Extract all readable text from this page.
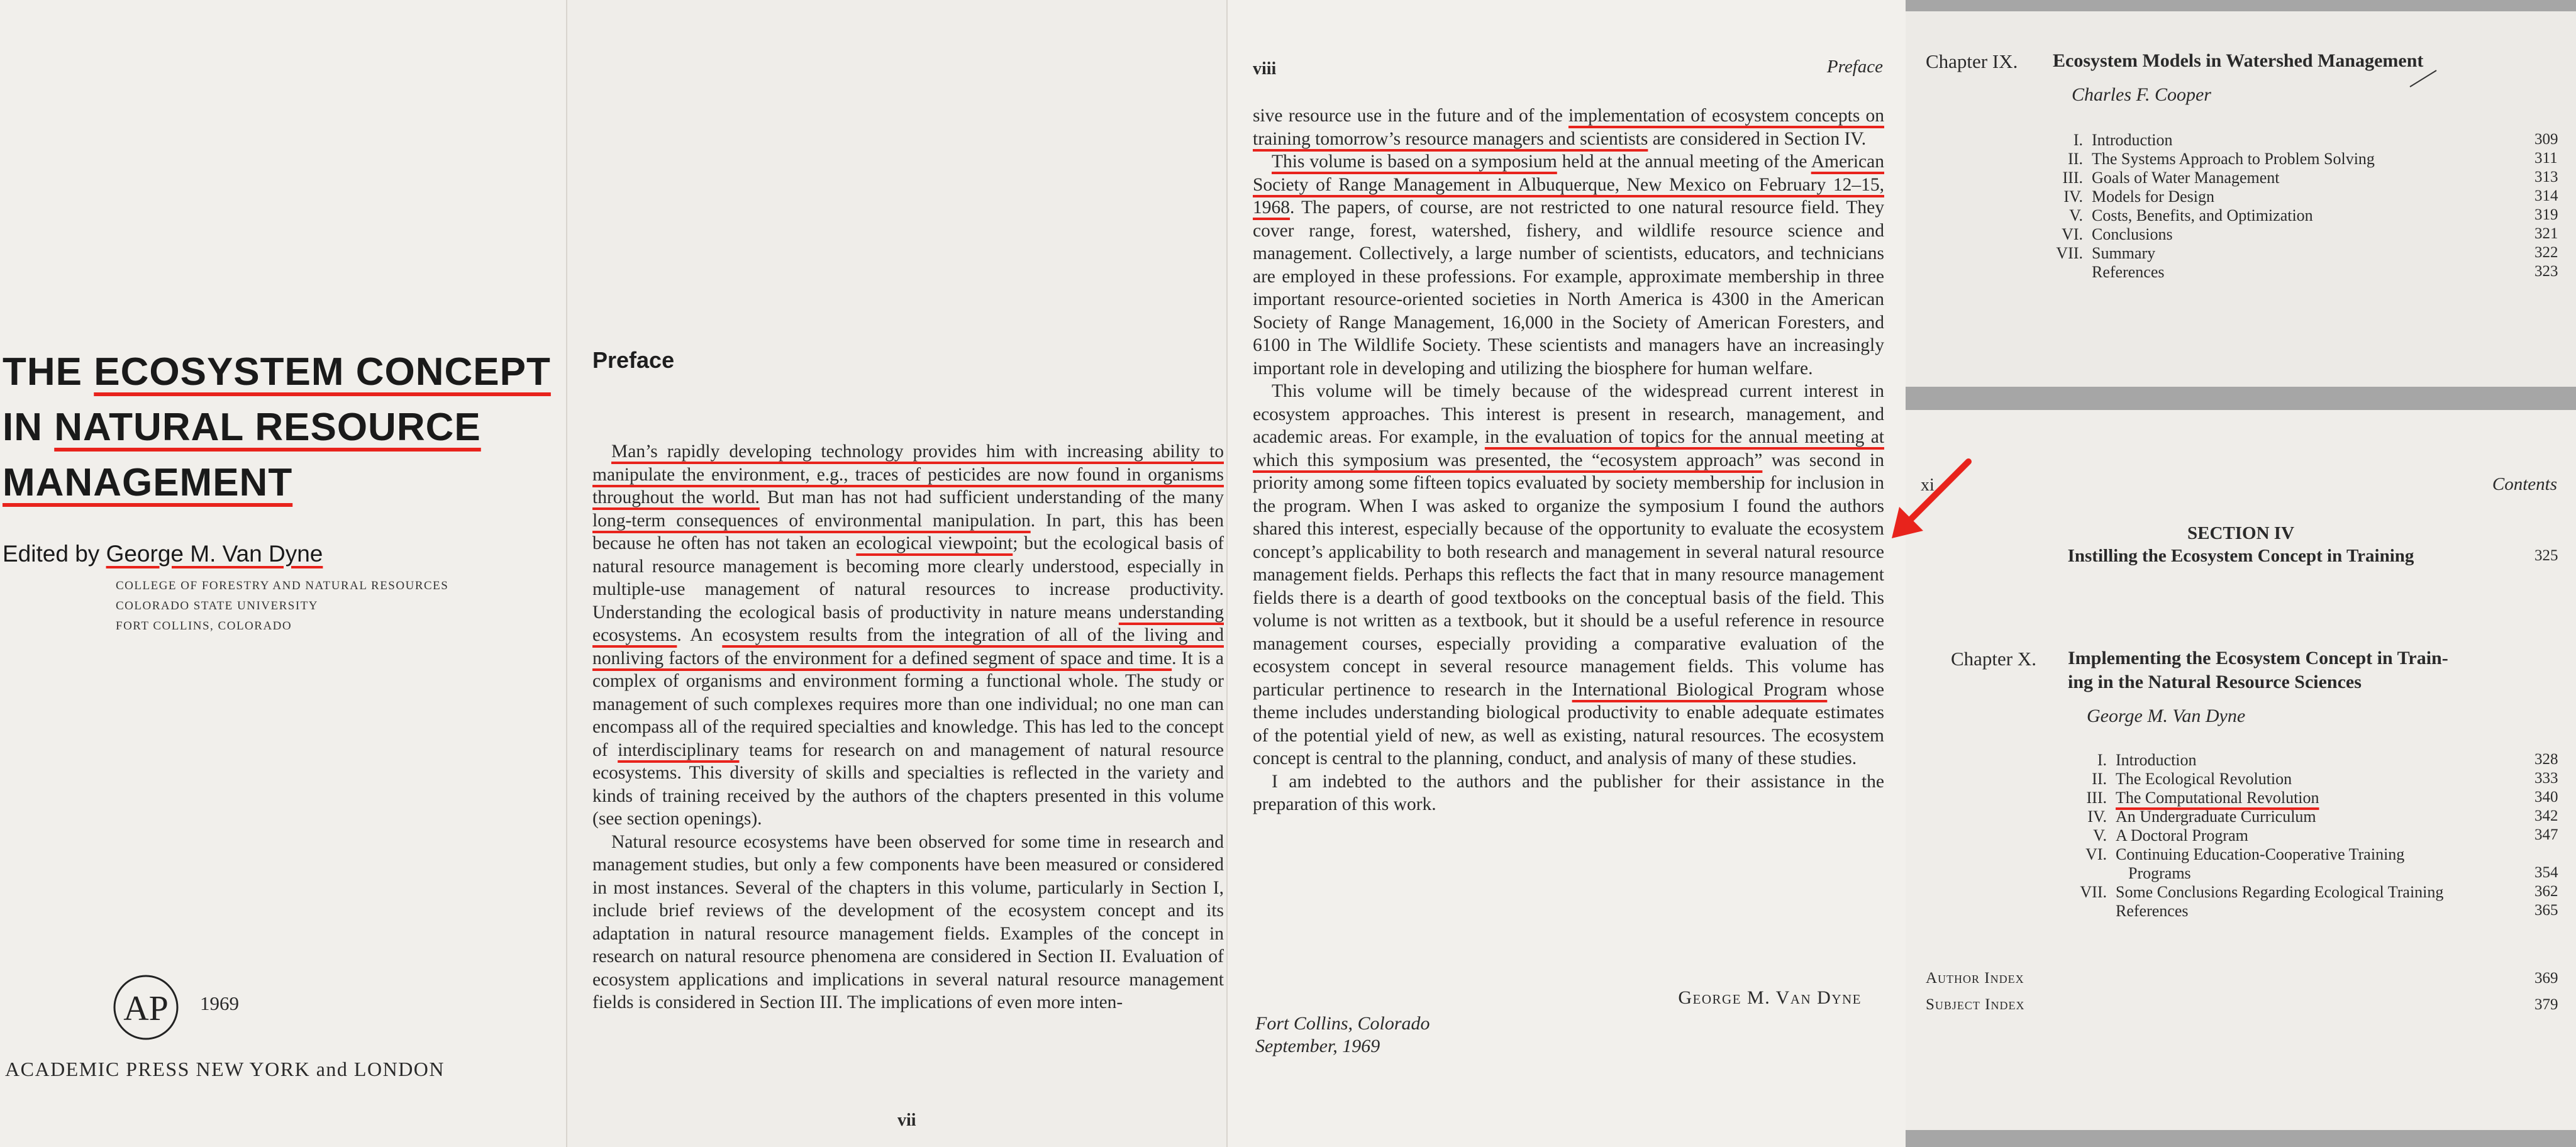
THE ECOSYSTEM CONCEPT
IN NATURAL RESOURCE
MANAGEMENT
Edited by George M. Van Dyne
COLLEGE OF FORESTRY AND NATURAL RESOURCES
COLORADO STATE UNIVERSITY
FORT COLLINS, COLORADO
AP 1969
ACADEMIC PRESS NEW YORK and LONDON
Preface

Man’s rapidly developing technology provides him with increasing ability to manipulate the environment, e.g., traces of pesticides are now found in organisms throughout the world. But man has not had sufficient understanding of the many long-term consequences of environmental manipulation. In part, this has been because he often has not taken an ecological viewpoint; but the ecological basis of natural resource management is becoming more clearly understood, especially in multiple-use management of natural resources to increase productivity. Understanding the ecological basis of productivity in nature means understanding ecosystems. An ecosystem results from the integration of all of the living and nonliving factors of the environment for a defined segment of space and time. It is a complex of organisms and environment forming a functional whole. The study or management of such complexes requires more than one individual; no one man can encompass all of the required specialties and knowledge. This has led to the concept of interdisciplinary teams for research on and management of natural resource ecosystems. This diversity of skills and specialties is reflected in the variety and kinds of training received by the authors of the chapters presented in this volume (see section openings).

Natural resource ecosystems have been observed for some time in research and management studies, but only a few components have been measured or considered in most instances. Several of the chapters in this volume, particularly in Section I, include brief reviews of the development of the ecosystem concept and its adaptation in natural resource management fields. Examples of the concept in research on natural resource phenomena are considered in Section II. Evaluation of ecosystem applications and implications in several natural resource management fields is considered in Section III. The implications of even more inten-

vii
viii	Preface

sive resource use in the future and of the implementation of ecosystem concepts on training tomorrow’s resource managers and scientists are considered in Section IV.

This volume is based on a symposium held at the annual meeting of the American Society of Range Management in Albuquerque, New Mexico on February 12–15, 1968. The papers, of course, are not restricted to one natural resource field. They cover range, forest, watershed, fishery, and wildlife resource science and management. Collectively, a large number of scientists, educators, and technicians are employed in these professions. For example, approximate membership in three important resource-oriented societies in North America is 4300 in the American Society of Range Management, 16,000 in the Society of American Foresters, and 6100 in The Wildlife Society. These scientists and managers have an increasingly important role in developing and utilizing the biosphere for human welfare.

This volume will be timely because of the widespread current interest in ecosystem approaches. This interest is present in research, management, and academic areas. For example, in the evaluation of topics for the annual meeting at which this symposium was presented, the “ecosystem approach” was second in priority among some fifteen topics evaluated by society membership for inclusion in the program. When I was asked to organize the symposium I found the authors shared this interest, especially because of the opportunity to evaluate the ecosystem concept’s applicability to both research and management in several natural resource management fields. Perhaps this reflects the fact that in many resource management fields there is a dearth of good textbooks on the conceptual basis of the field. This volume is not written as a textbook, but it should be a useful reference in resource management courses, especially providing a comparative evaluation of the ecosystem concept in several resource management fields. This volume has particular pertinence to research in the International Biological Program whose theme includes understanding biological productivity to enable adequate estimates of the potential yield of new, as well as existing, natural resources. The ecosystem concept is central to the planning, conduct, and analysis of many of these studies.

I am indebted to the authors and the publisher for their assistance in the preparation of this work.

George M. Van Dyne
Fort Collins, Colorado
September, 1969
Chapter IX. Ecosystem Models in Watershed Management
Charles F. Cooper
I. Introduction	309
II. The Systems Approach to Problem Solving	311
III. Goals of Water Management	313
IV. Models for Design	314
V. Costs, Benefits, and Optimization	319
VI. Conclusions	321
VII. Summary	322
References	323
xi	Contents
SECTION IV
Instilling the Ecosystem Concept in Training	325
Chapter X. Implementing the Ecosystem Concept in Train-
ing in the Natural Resource Sciences
George M. Van Dyne
I. Introduction	328
II. The Ecological Revolution	333
III. The Computational Revolution	340
IV. An Undergraduate Curriculum	342
V. A Doctoral Program	347
VI. Continuing Education-Cooperative Training
Programs	354
VII. Some Conclusions Regarding Ecological Training	362
References	365
Author Index	369
Subject Index	379
